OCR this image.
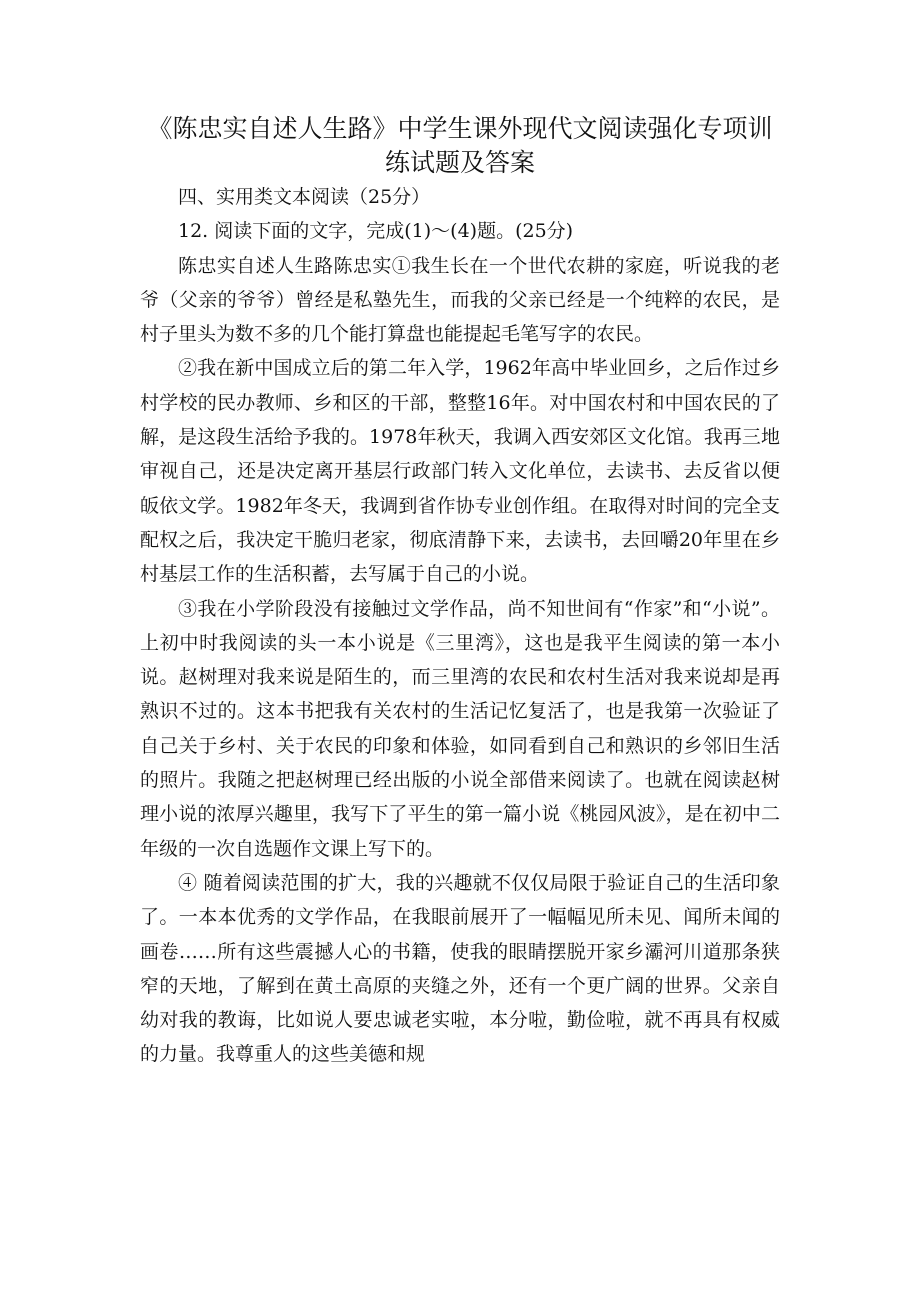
《陈忠实自述人生路》中学生课外现代文阅读强化专项训练试题及答案

四、实用类文本阅读（25分）

12. 阅读下面的文字，完成(1)～(4)题。(25分)

陈忠实自述人生路陈忠实①我生长在一个世代农耕的家庭，听说我的老爷（父亲的爷爷）曾经是私塾先生，而我的父亲已经是一个纯粹的农民，是村子里头为数不多的几个能打算盘也能提起毛笔写字的农民。

②我在新中国成立后的第二年入学，1962年高中毕业回乡，之后作过乡村学校的民办教师、乡和区的干部，整整16年。对中国农村和中国农民的了解，是这段生活给予我的。1978年秋天，我调入西安郊区文化馆。我再三地审视自己，还是决定离开基层行政部门转入文化单位，去读书、去反省以便皈依文学。1982年冬天，我调到省作协专业创作组。在取得对时间的完全支配权之后，我决定干脆归老家，彻底清静下来，去读书，去回嚼20年里在乡村基层工作的生活积蓄，去写属于自己的小说。

③我在小学阶段没有接触过文学作品，尚不知世间有“作家”和“小说”。上初中时我阅读的头一本小说是《三里湾》，这也是我平生阅读的第一本小说。赵树理对我来说是陌生的，而三里湾的农民和农村生活对我来说却是再熟识不过的。这本书把我有关农村的生活记忆复活了，也是我第一次验证了自己关于乡村、关于农民的印象和体验，如同看到自己和熟识的乡邻旧生活的照片。我随之把赵树理已经出版的小说全部借来阅读了。也就在阅读赵树理小说的浓厚兴趣里，我写下了平生的第一篇小说《桃园风波》，是在初中二年级的一次自选题作文课上写下的。

④ 随着阅读范围的扩大，我的兴趣就不仅仅局限于验证自己的生活印象了。一本本优秀的文学作品，在我眼前展开了一幅幅见所未见、闻所未闻的画卷……所有这些震撼人心的书籍，使我的眼睛摆脱开家乡灞河川道那条狭窄的天地，了解到在黄土高原的夹缝之外，还有一个更广阔的世界。父亲自幼对我的教诲，比如说人要忠诚老实啦，本分啦，勤俭啦，就不再具有权威的力量。我尊重人的这些美德和规
